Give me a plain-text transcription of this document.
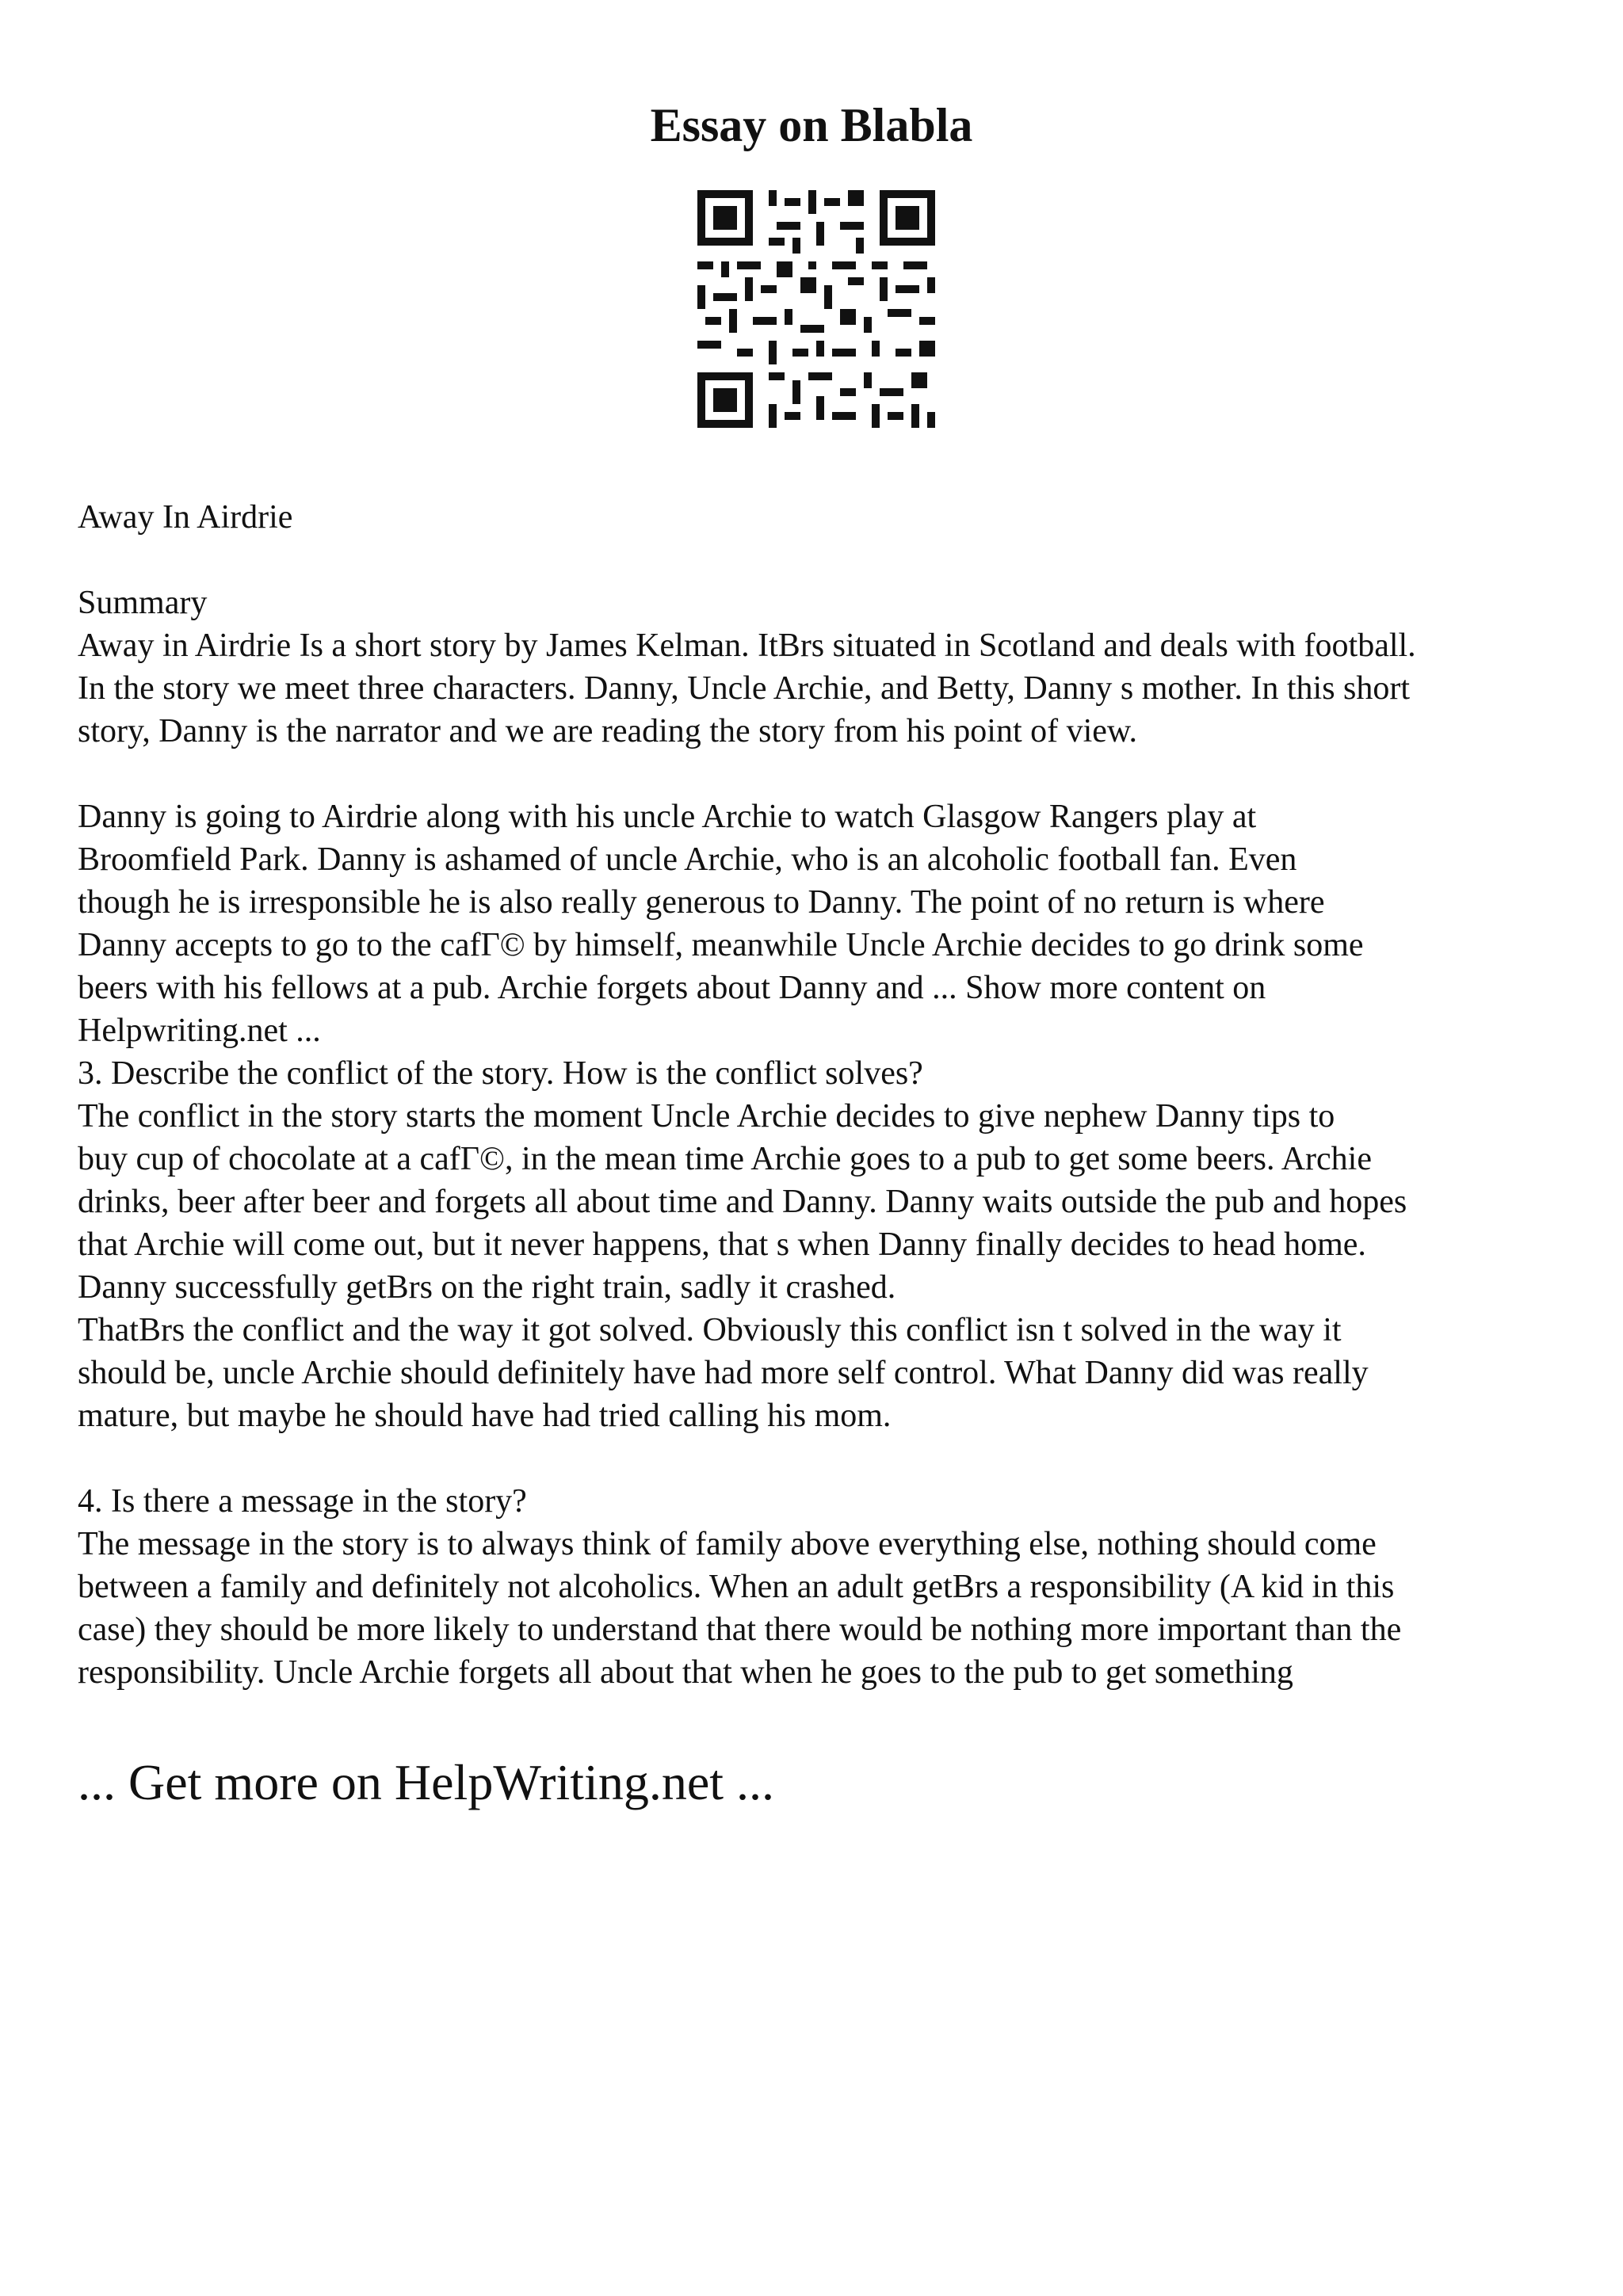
Essay on Blabla

Away In Airdrie

Summary

Away in Airdrie Is a short story by James Kelman. ItBrs situated in Scotland and deals with football.
In the story we meet three characters. Danny, Uncle Archie, and Betty, Danny s mother. In this short
story, Danny is the narrator and we are reading the story from his point of view.

Danny is going to Airdrie along with his uncle Archie to watch Glasgow Rangers play at
Broomfield Park. Danny is ashamed of uncle Archie, who is an alcoholic football fan. Even
though he is irresponsible he is also really generous to Danny. The point of no return is where
Danny accepts to go to the cafГ© by himself, meanwhile Uncle Archie decides to go drink some
beers with his fellows at a pub. Archie forgets about Danny and ... Show more content on
Helpwriting.net ...
3. Describe the conflict of the story. How is the conflict solves?
The conflict in the story starts the moment Uncle Archie decides to give nephew Danny tips to
buy cup of chocolate at a cafГ©, in the mean time Archie goes to a pub to get some beers. Archie
drinks, beer after beer and forgets all about time and Danny. Danny waits outside the pub and hopes
that Archie will come out, but it never happens, that s when Danny finally decides to head home.
Danny successfully getBrs on the right train, sadly it crashed.
ThatBrs the conflict and the way it got solved. Obviously this conflict isn t solved in the way it
should be, uncle Archie should definitely have had more self control. What Danny did was really
mature, but maybe he should have had tried calling his mom.

4. Is there a message in the story?
The message in the story is to always think of family above everything else, nothing should come
between a family and definitely not alcoholics. When an adult getBrs a responsibility (A kid in this
case) they should be more likely to understand that there would be nothing more important than the
responsibility. Uncle Archie forgets all about that when he goes to the pub to get something

... Get more on HelpWriting.net ...
